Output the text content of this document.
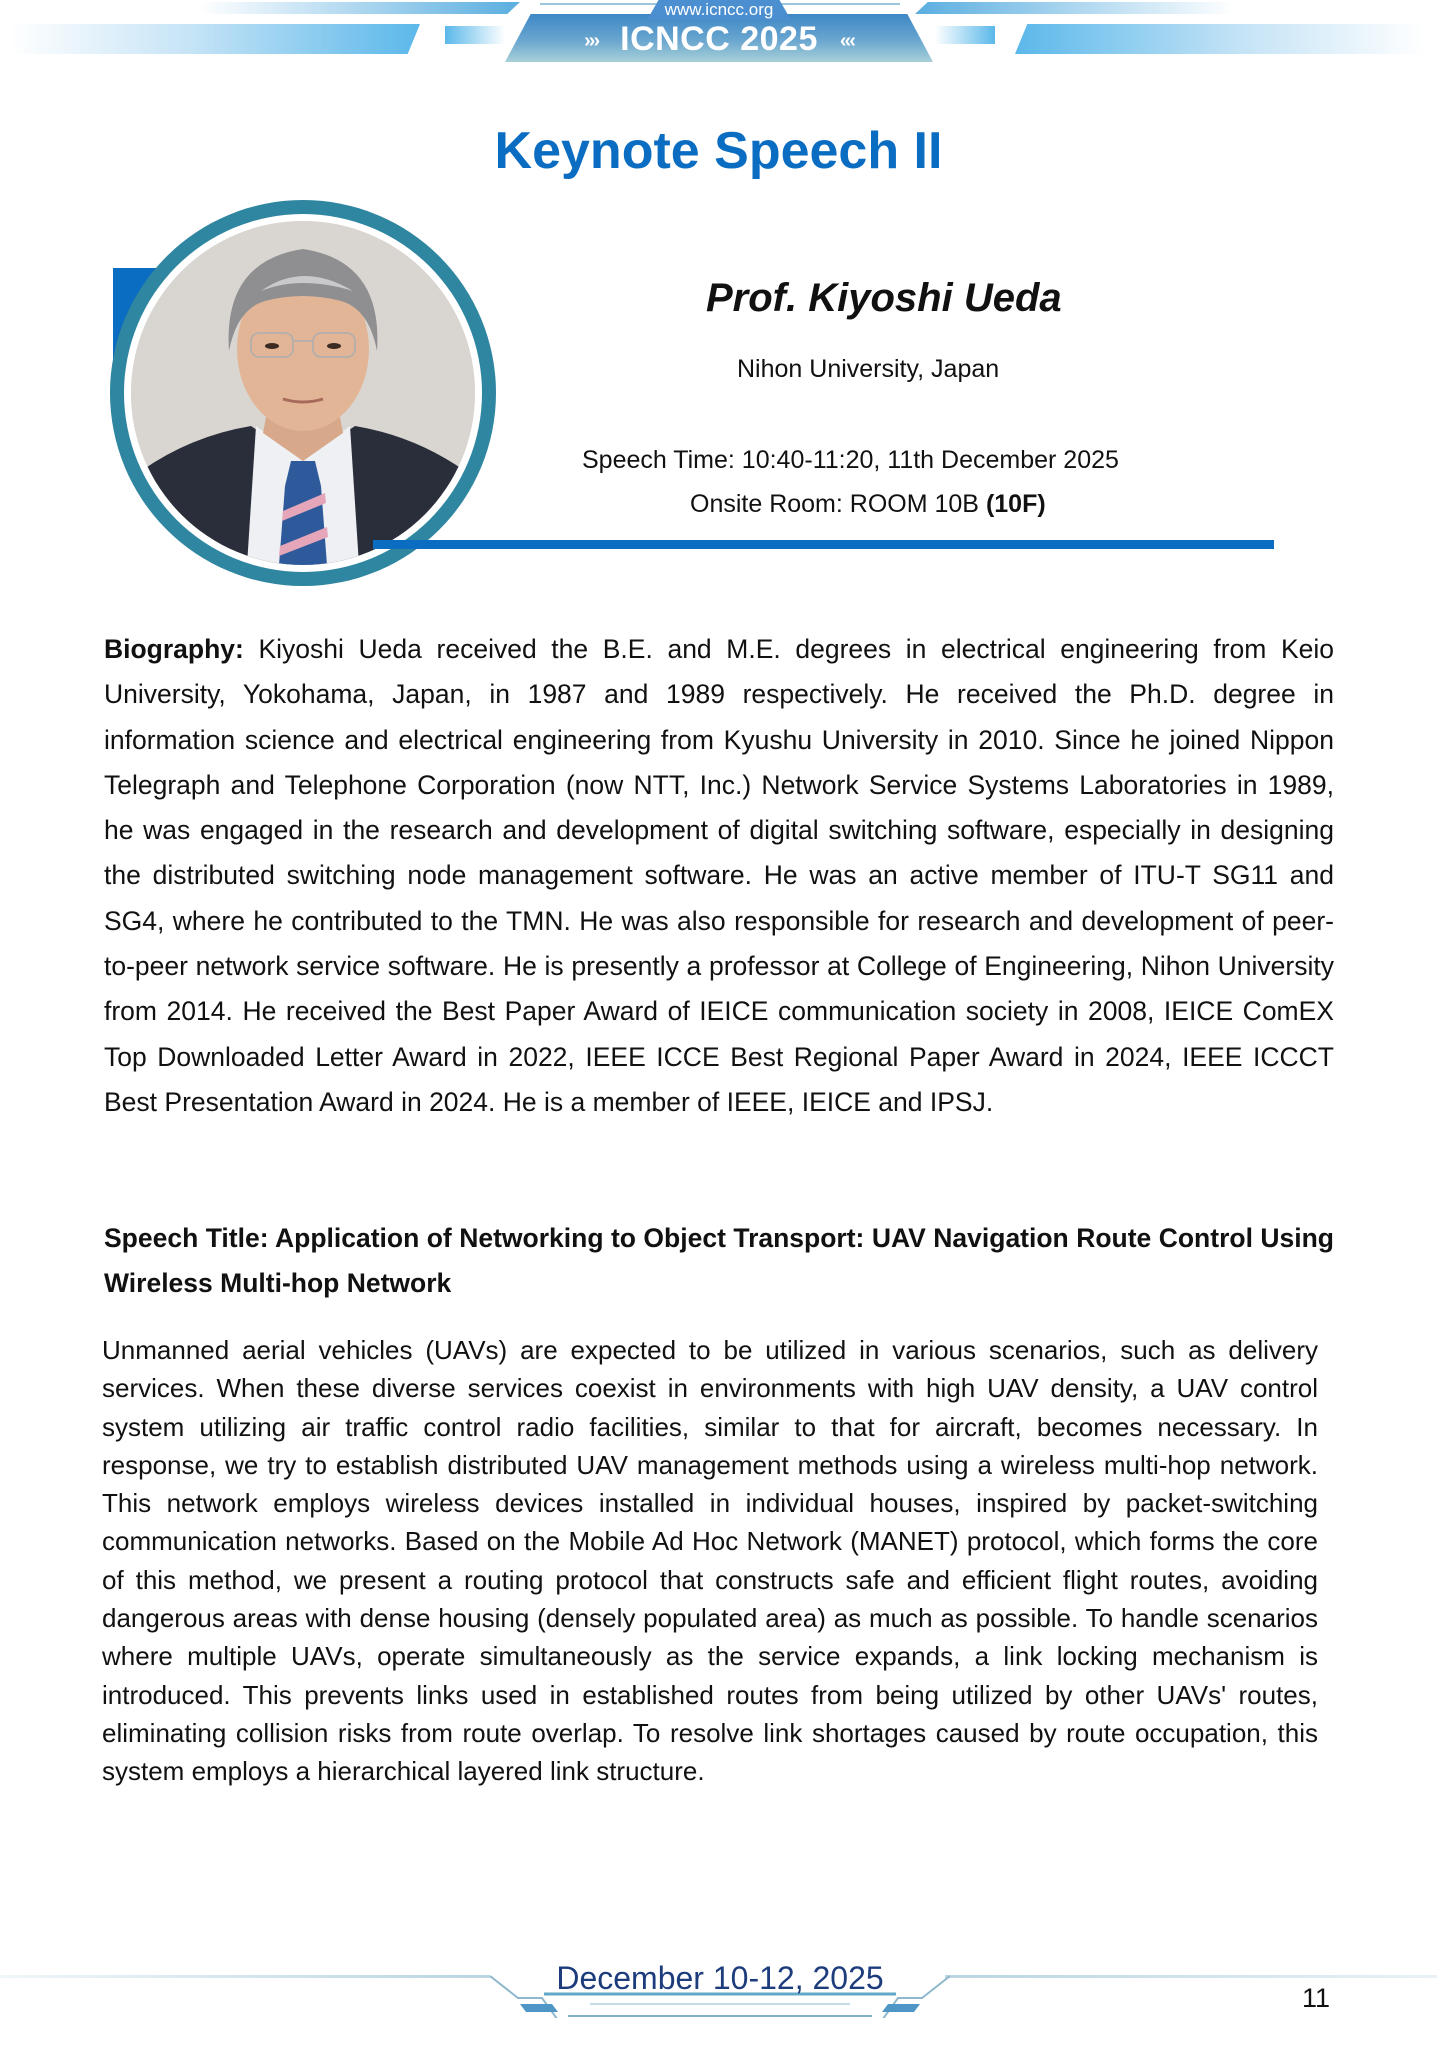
www.icncc.org
››› ICNCC 2025 ‹‹‹
Keynote Speech II
Prof. Kiyoshi Ueda
Nihon University, Japan
Speech Time: 10:40-11:20, 11th December 2025
Onsite Room: ROOM 10B (10F)
Biography: Kiyoshi Ueda received the B.E. and M.E. degrees in electrical engineering from Keio University, Yokohama, Japan, in 1987 and 1989 respectively. He received the Ph.D. degree in information science and electrical engineering from Kyushu University in 2010. Since he joined Nippon Telegraph and Telephone Corporation (now NTT, Inc.) Network Service Systems Laboratories in 1989, he was engaged in the research and development of digital switching software, especially in designing the distributed switching node management software. He was an active member of ITU-T SG11 and SG4, where he contributed to the TMN. He was also responsible for research and development of peer-to-peer network service software. He is presently a professor at College of Engineering, Nihon University from 2014. He received the Best Paper Award of IEICE communication society in 2008, IEICE ComEX Top Downloaded Letter Award in 2022, IEEE ICCE Best Regional Paper Award in 2024, IEEE ICCCT Best Presentation Award in 2024. He is a member of IEEE, IEICE and IPSJ.
Speech Title: Application of Networking to Object Transport: UAV Navigation Route Control Using Wireless Multi-hop Network
Unmanned aerial vehicles (UAVs) are expected to be utilized in various scenarios, such as delivery services. When these diverse services coexist in environments with high UAV density, a UAV control system utilizing air traffic control radio facilities, similar to that for aircraft, becomes necessary. In response, we try to establish distributed UAV management methods using a wireless multi-hop network. This network employs wireless devices installed in individual houses, inspired by packet-switching communication networks. Based on the Mobile Ad Hoc Network (MANET) protocol, which forms the core of this method, we present a routing protocol that constructs safe and efficient flight routes, avoiding dangerous areas with dense housing (densely populated area) as much as possible. To handle scenarios where multiple UAVs, operate simultaneously as the service expands, a link locking mechanism is introduced. This prevents links used in established routes from being utilized by other UAVs' routes, eliminating collision risks from route overlap. To resolve link shortages caused by route occupation, this system employs a hierarchical layered link structure.
December 10-12, 2025
11
